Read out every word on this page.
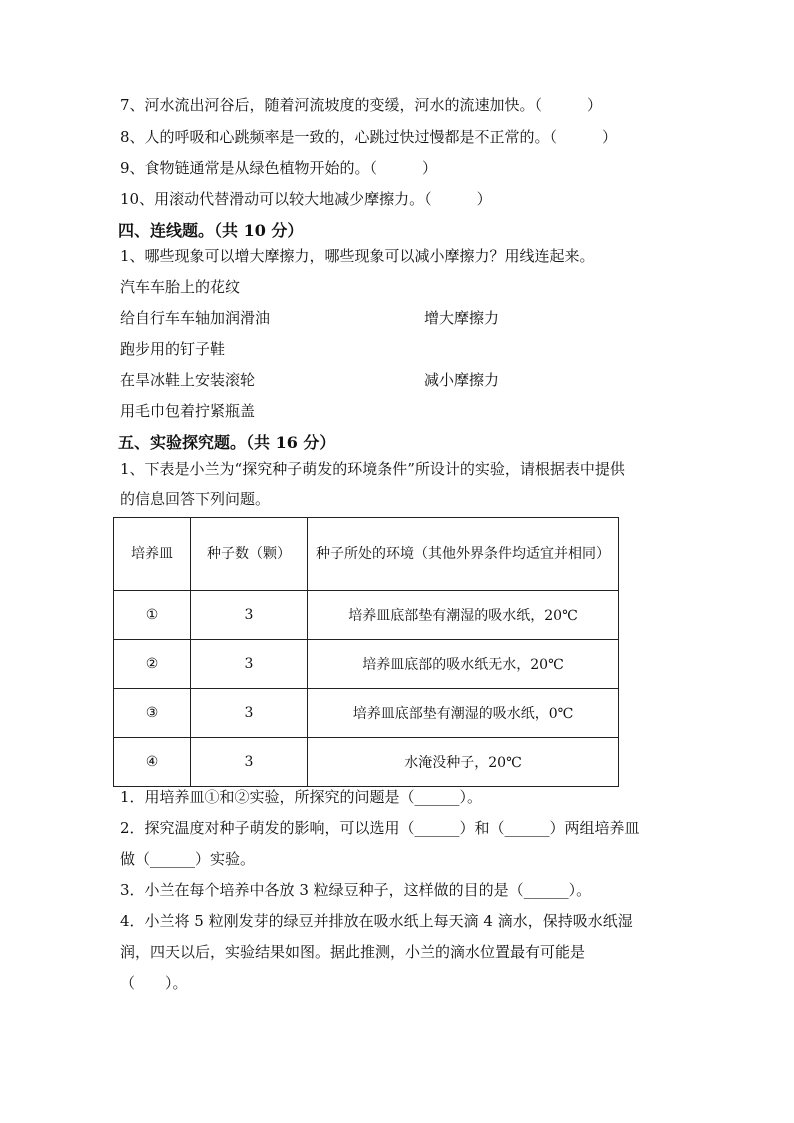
7、河水流出河谷后，随着河流坡度的变缓，河水的流速加快。（　　　）
8、人的呼吸和心跳频率是一致的，心跳过快过慢都是不正常的。（　　　）
9、食物链通常是从绿色植物开始的。（　　　）
10、用滚动代替滑动可以较大地减少摩擦力。（　　　）
四、连线题。（共 10 分）
1、哪些现象可以增大摩擦力，哪些现象可以减小摩擦力？用线连起来。
汽车车胎上的花纹
给自行车车轴加润滑油	增大摩擦力
跑步用的钉子鞋
在旱冰鞋上安装滚轮	减小摩擦力
用毛巾包着拧紧瓶盖
五、实验探究题。（共 16 分）
1、下表是小兰为“探究种子萌发的环境条件”所设计的实验，请根据表中提供
的信息回答下列问题。
培养皿	种子数（颗）	种子所处的环境（其他外界条件均适宜并相同）
①	3	培养皿底部垫有潮湿的吸水纸，20℃
②	3	培养皿底部的吸水纸无水，20℃
③	3	培养皿底部垫有潮湿的吸水纸，0℃
④	3	水淹没种子，20℃
1．用培养皿①和②实验，所探究的问题是（______）。
2．探究温度对种子萌发的影响，可以选用（______）和（______）两组培养皿
做（______）实验。
3．小兰在每个培养中各放 3 粒绿豆种子，这样做的目的是（______）。
4．小兰将 5 粒刚发芽的绿豆并排放在吸水纸上每天滴 4 滴水，保持吸水纸湿
润，四天以后，实验结果如图。据此推测，小兰的滴水位置最有可能是
（　　）。
